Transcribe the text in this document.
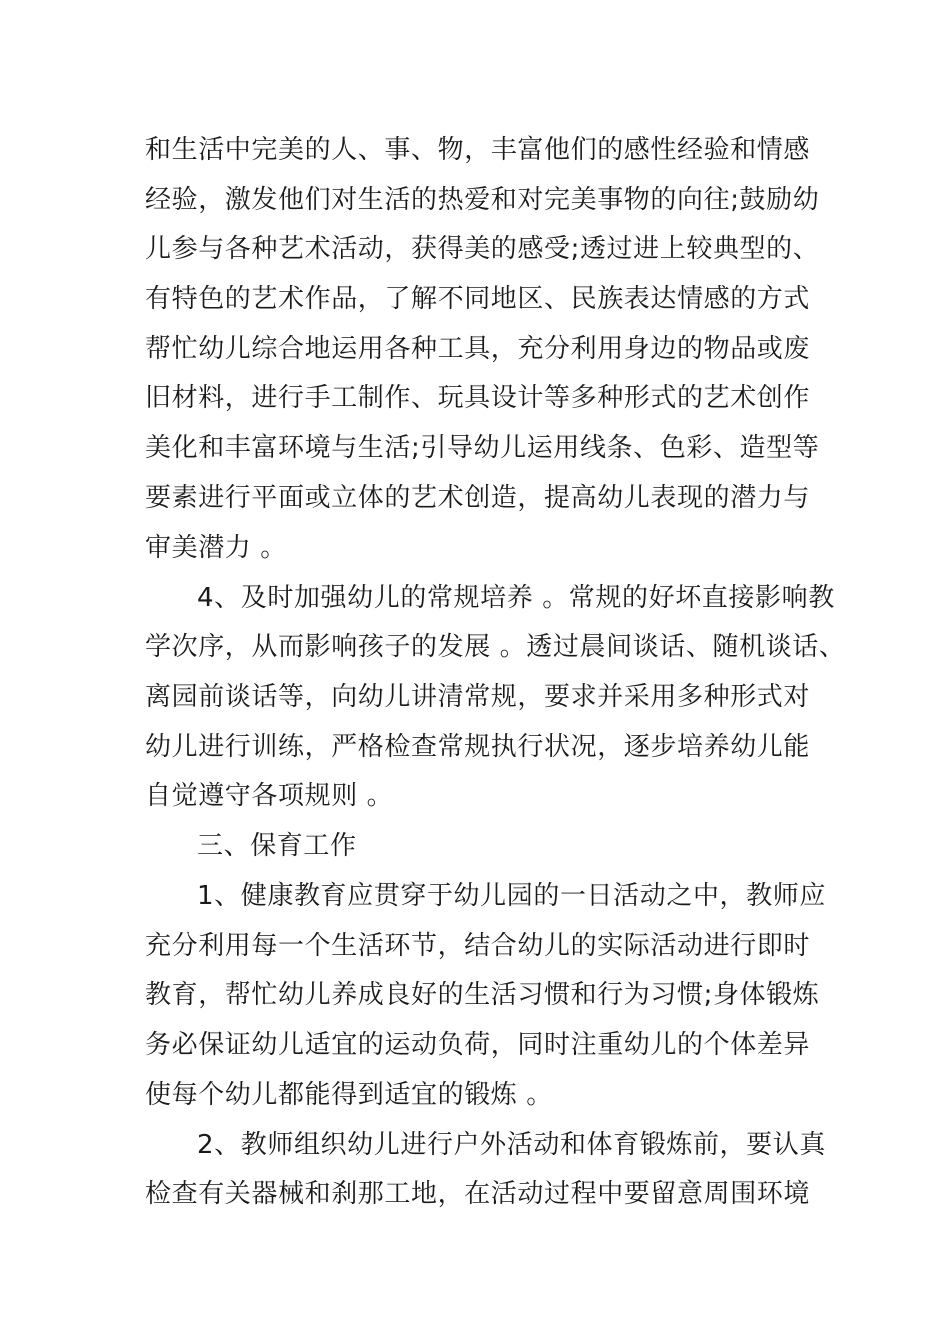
和生活中完美的人、事、物，丰富他们的感性经验和情感
经验，激发他们对生活的热爱和对完美事物的向往;鼓励幼
儿参与各种艺术活动，获得美的感受;透过进上较典型的、
有特色的艺术作品，了解不同地区、民族表达情感的方式
帮忙幼儿综合地运用各种工具，充分利用身边的物品或废
旧材料，进行手工制作、玩具设计等多种形式的艺术创作
美化和丰富环境与生活;引导幼儿运用线条、色彩、造型等
要素进行平面或立体的艺术创造，提高幼儿表现的潜力与
审美潜力 。
4、及时加强幼儿的常规培养 。常规的好坏直接影响教
学次序，从而影响孩子的发展 。透过晨间谈话、随机谈话、
离园前谈话等，向幼儿讲清常规，要求并采用多种形式对
幼儿进行训练，严格检查常规执行状况，逐步培养幼儿能
自觉遵守各项规则 。
三、保育工作
1、健康教育应贯穿于幼儿园的一日活动之中，教师应
充分利用每一个生活环节，结合幼儿的实际活动进行即时
教育，帮忙幼儿养成良好的生活习惯和行为习惯;身体锻炼
务必保证幼儿适宜的运动负荷，同时注重幼儿的个体差异
使每个幼儿都能得到适宜的锻炼 。
2、教师组织幼儿进行户外活动和体育锻炼前，要认真
检查有关器械和刹那工地，在活动过程中要留意周围环境
